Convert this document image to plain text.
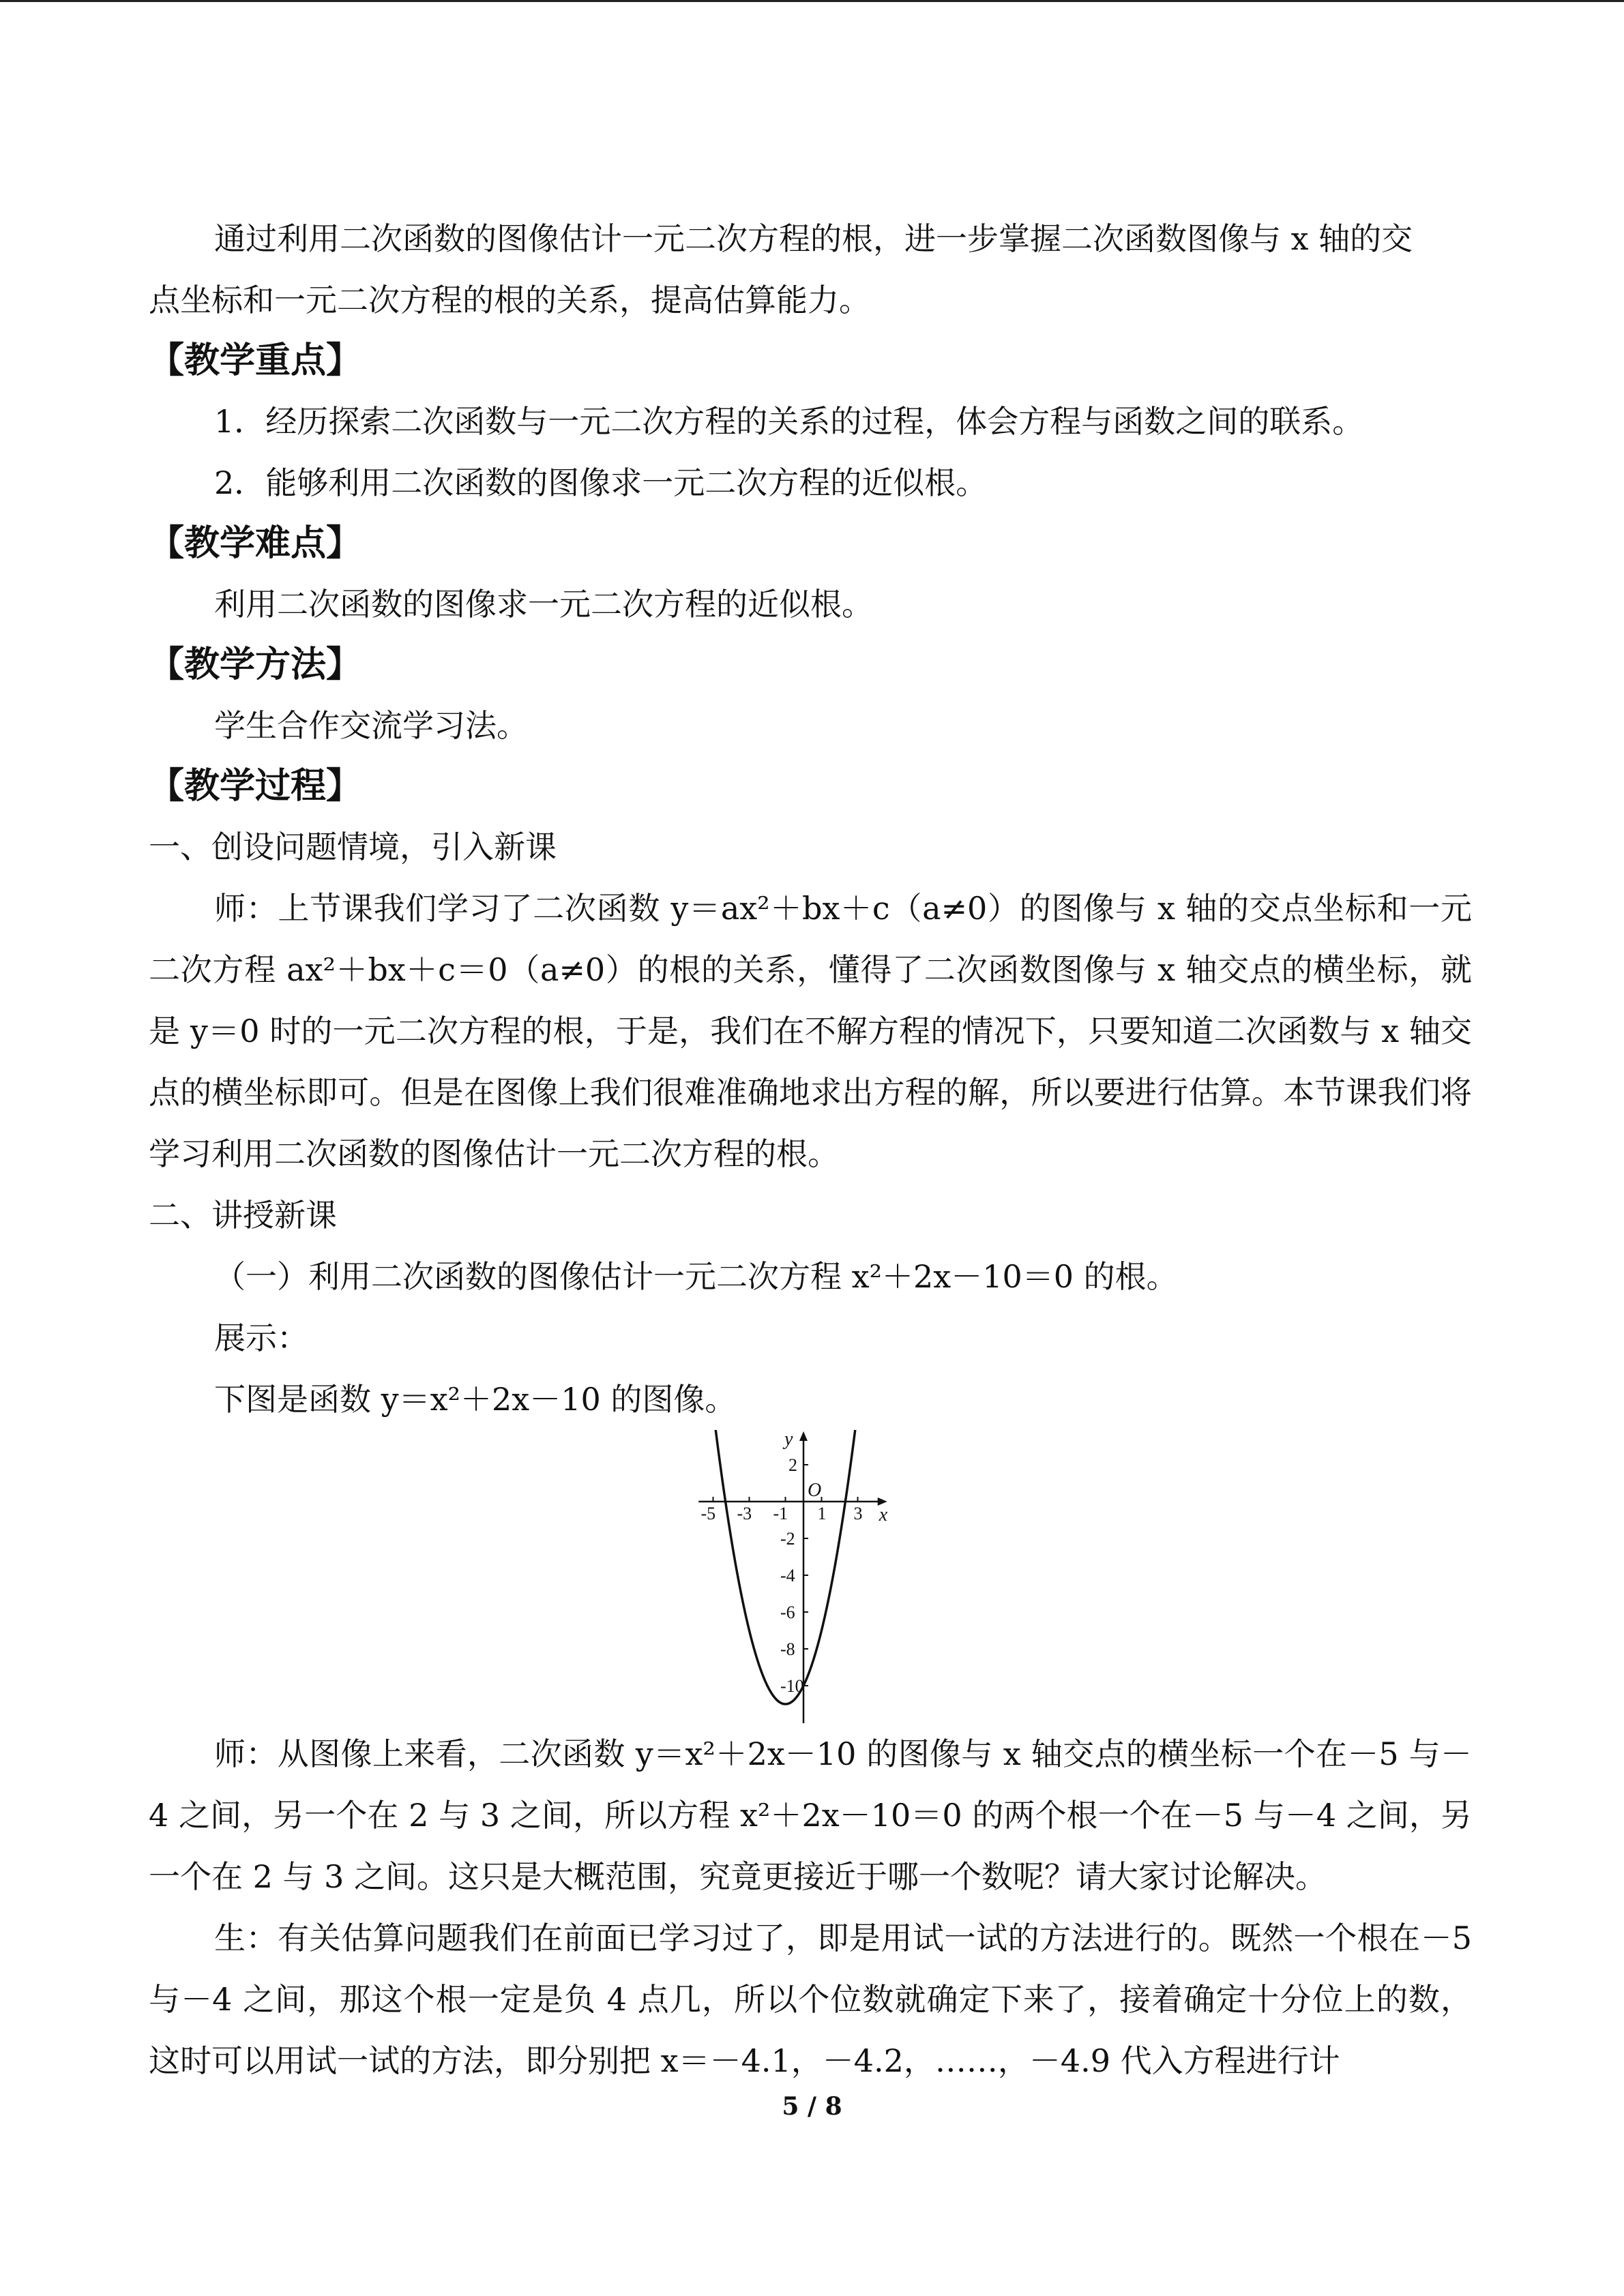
通过利用二次函数的图像估计一元二次方程的根，进一步掌握二次函数图像与 x 轴的交

点坐标和一元二次方程的根的关系，提高估算能力。

【教学重点】

1．经历探索二次函数与一元二次方程的关系的过程，体会方程与函数之间的联系。

2．能够利用二次函数的图像求一元二次方程的近似根。

【教学难点】

利用二次函数的图像求一元二次方程的近似根。

【教学方法】

学生合作交流学习法。

【教学过程】

一、创设问题情境，引入新课

师：上节课我们学习了二次函数 y＝ax²＋bx＋c（a≠0）的图像与 x 轴的交点坐标和一元二次方程 ax²＋bx＋c＝0（a≠0）的根的关系，懂得了二次函数图像与 x 轴交点的横坐标，就是 y＝0 时的一元二次方程的根，于是，我们在不解方程的情况下，只要知道二次函数与 x 轴交点的横坐标即可。但是在图像上我们很难准确地求出方程的解，所以要进行估算。本节课我们将学习利用二次函数的图像估计一元二次方程的根。

二、讲授新课

（一）利用二次函数的图像估计一元二次方程 x²＋2x－10＝0 的根。

展示：

下图是函数 y＝x²＋2x－10 的图像。

x
y
O
-5 -3 -1 1 3
2
-2
-4
-6
-8
-10

师：从图像上来看，二次函数 y＝x²＋2x－10 的图像与 x 轴交点的横坐标一个在－5 与－4 之间，另一个在 2 与 3 之间，所以方程 x²＋2x－10＝0 的两个根一个在－5 与－4 之间，另一个在 2 与 3 之间。这只是大概范围，究竟更接近于哪一个数呢？请大家讨论解决。

生：有关估算问题我们在前面已学习过了，即是用试一试的方法进行的。既然一个根在－5 与－4 之间，那这个根一定是负 4 点几，所以个位数就确定下来了，接着确定十分位上的数，这时可以用试一试的方法，即分别把 x＝－4.1，－4.2，……，－4.9 代入方程进行计

5 / 8
